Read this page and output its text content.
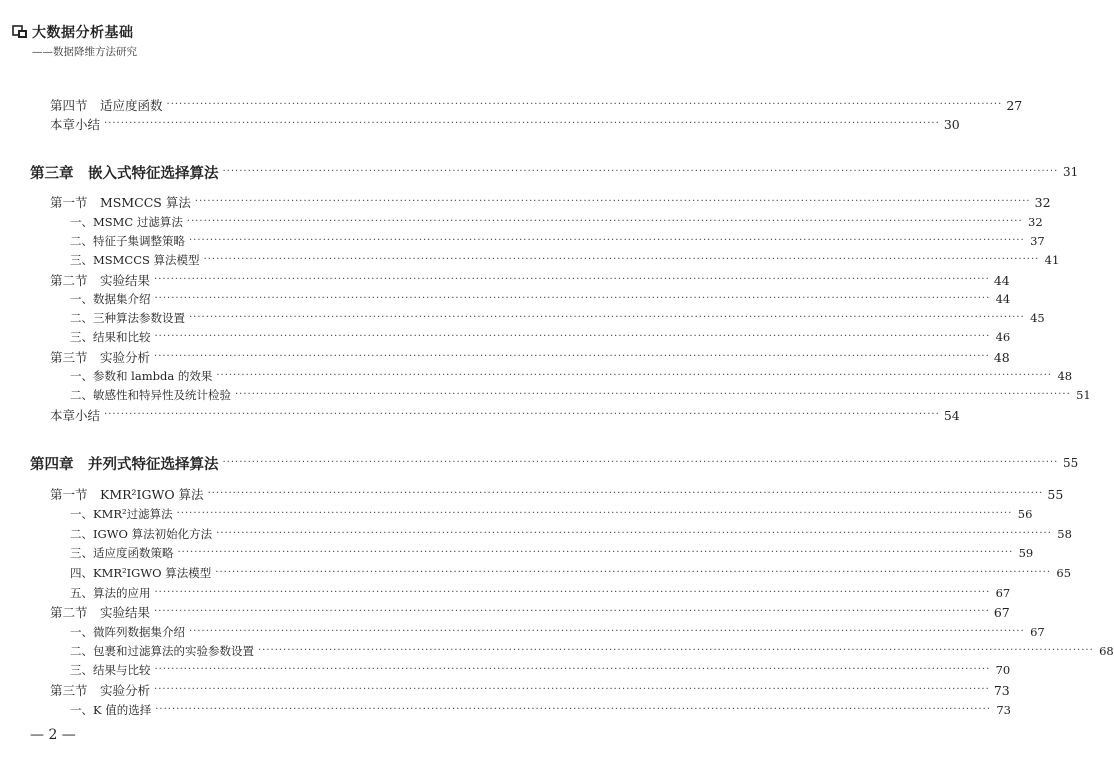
大数据分析基础
——数据降维方法研究
第四节　适应度函数 ········································································································································································································ 27
本章小结 ········································································································································································································ 30
第三章　嵌入式特征选择算法 ········································································································································································································ 31
第一节　MSMCCS 算法 ········································································································································································································ 32
一、MSMC 过滤算法 ········································································································································································································ 32
二、特征子集调整策略 ········································································································································································································ 37
三、MSMCCS 算法模型 ········································································································································································································ 41
第二节　实验结果 ········································································································································································································ 44
一、数据集介绍 ········································································································································································································ 44
二、三种算法参数设置 ········································································································································································································ 45
三、结果和比较 ········································································································································································································ 46
第三节　实验分析 ········································································································································································································ 48
一、参数和 lambda 的效果 ········································································································································································································ 48
二、敏感性和特异性及统计检验 ········································································································································································································ 51
本章小结 ········································································································································································································ 54
第四章　并列式特征选择算法 ········································································································································································································ 55
第一节　KMR²IGWO 算法 ········································································································································································································ 55
一、KMR²过滤算法 ········································································································································································································ 56
二、IGWO 算法初始化方法 ········································································································································································································ 58
三、适应度函数策略 ········································································································································································································ 59
四、KMR²IGWO 算法模型 ········································································································································································································ 65
五、算法的应用 ········································································································································································································ 67
第二节　实验结果 ········································································································································································································ 67
一、微阵列数据集介绍 ········································································································································································································ 67
二、包裹和过滤算法的实验参数设置 ········································································································································································································ 68
三、结果与比较 ········································································································································································································ 70
第三节　实验分析 ········································································································································································································ 73
一、K 值的选择 ········································································································································································································ 73
— 2 —
